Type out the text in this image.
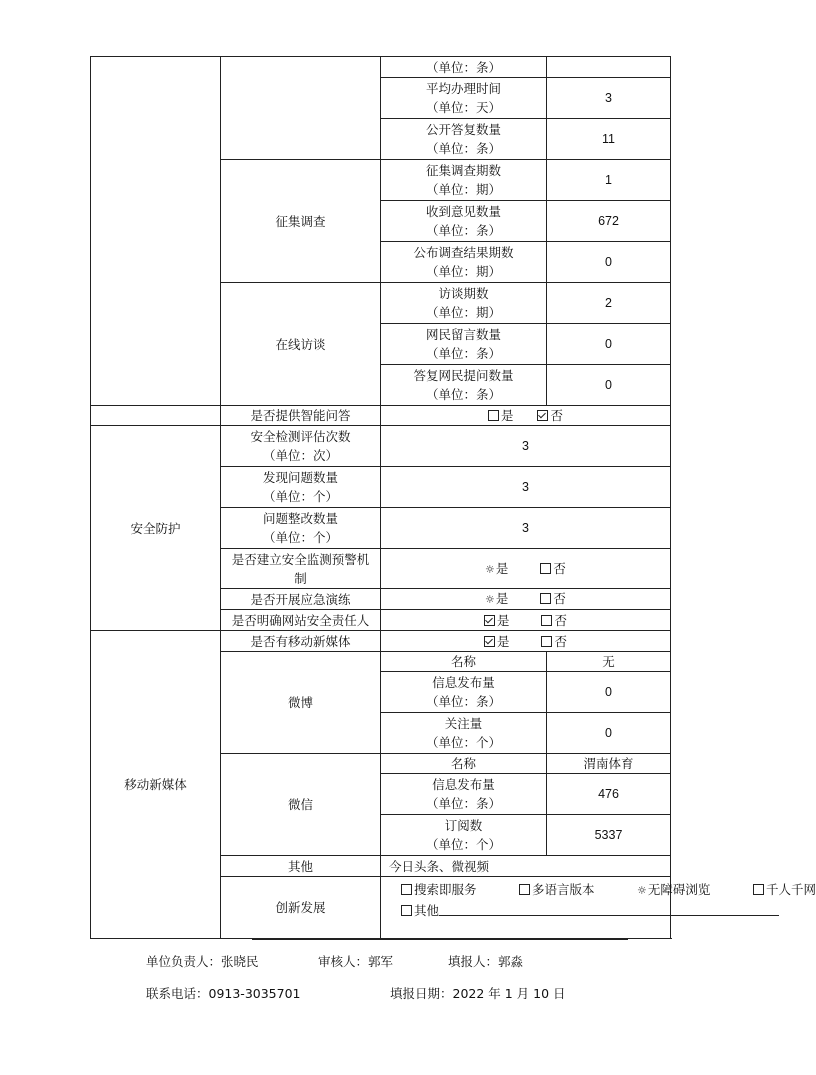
		（单位：条）	

		平均办理时间
（单位：天）	3

		公开答复数量
（单位：条）	11
	征集调查	征集调查期数
（单位：期）	1

		收到意见数量
（单位：条）	672

		公布调查结果期数
（单位：期）	0
	在线访谈	访谈期数
（单位：期）	2

		网民留言数量
（单位：条）	0

		答复网民提问数量
（单位：条）	0
	是否提供智能问答	是 否	
安全防护	安全检测评估次数
（单位：次）	3	

	发现问题数量
（单位：个）	3	

	问题整改数量
（单位：个）	3	

	是否建立安全监测预警机
制	☼是 否	
	是否开展应急演练	☼是 否	
	是否明确网站安全责任人	是 否	
移动新媒体	是否有移动新媒体	是 否	
	微博	名称	无

		信息发布量
（单位：条）	0

		关注量
（单位：个）	0
	微信	名称	渭南体育

		信息发布量
（单位：条）	476

		订阅数
（单位：个）	5337
	其他	今日头条、微视频	
	创新发展	搜索即服务 多语言版本 ☼无障碍浏览 千人千网
其他	
单位负责人：张晓民	审核人：郭军	填报人：郭淼
联系电话：0913-3035701	填报日期：2022 年 1 月 10 日
